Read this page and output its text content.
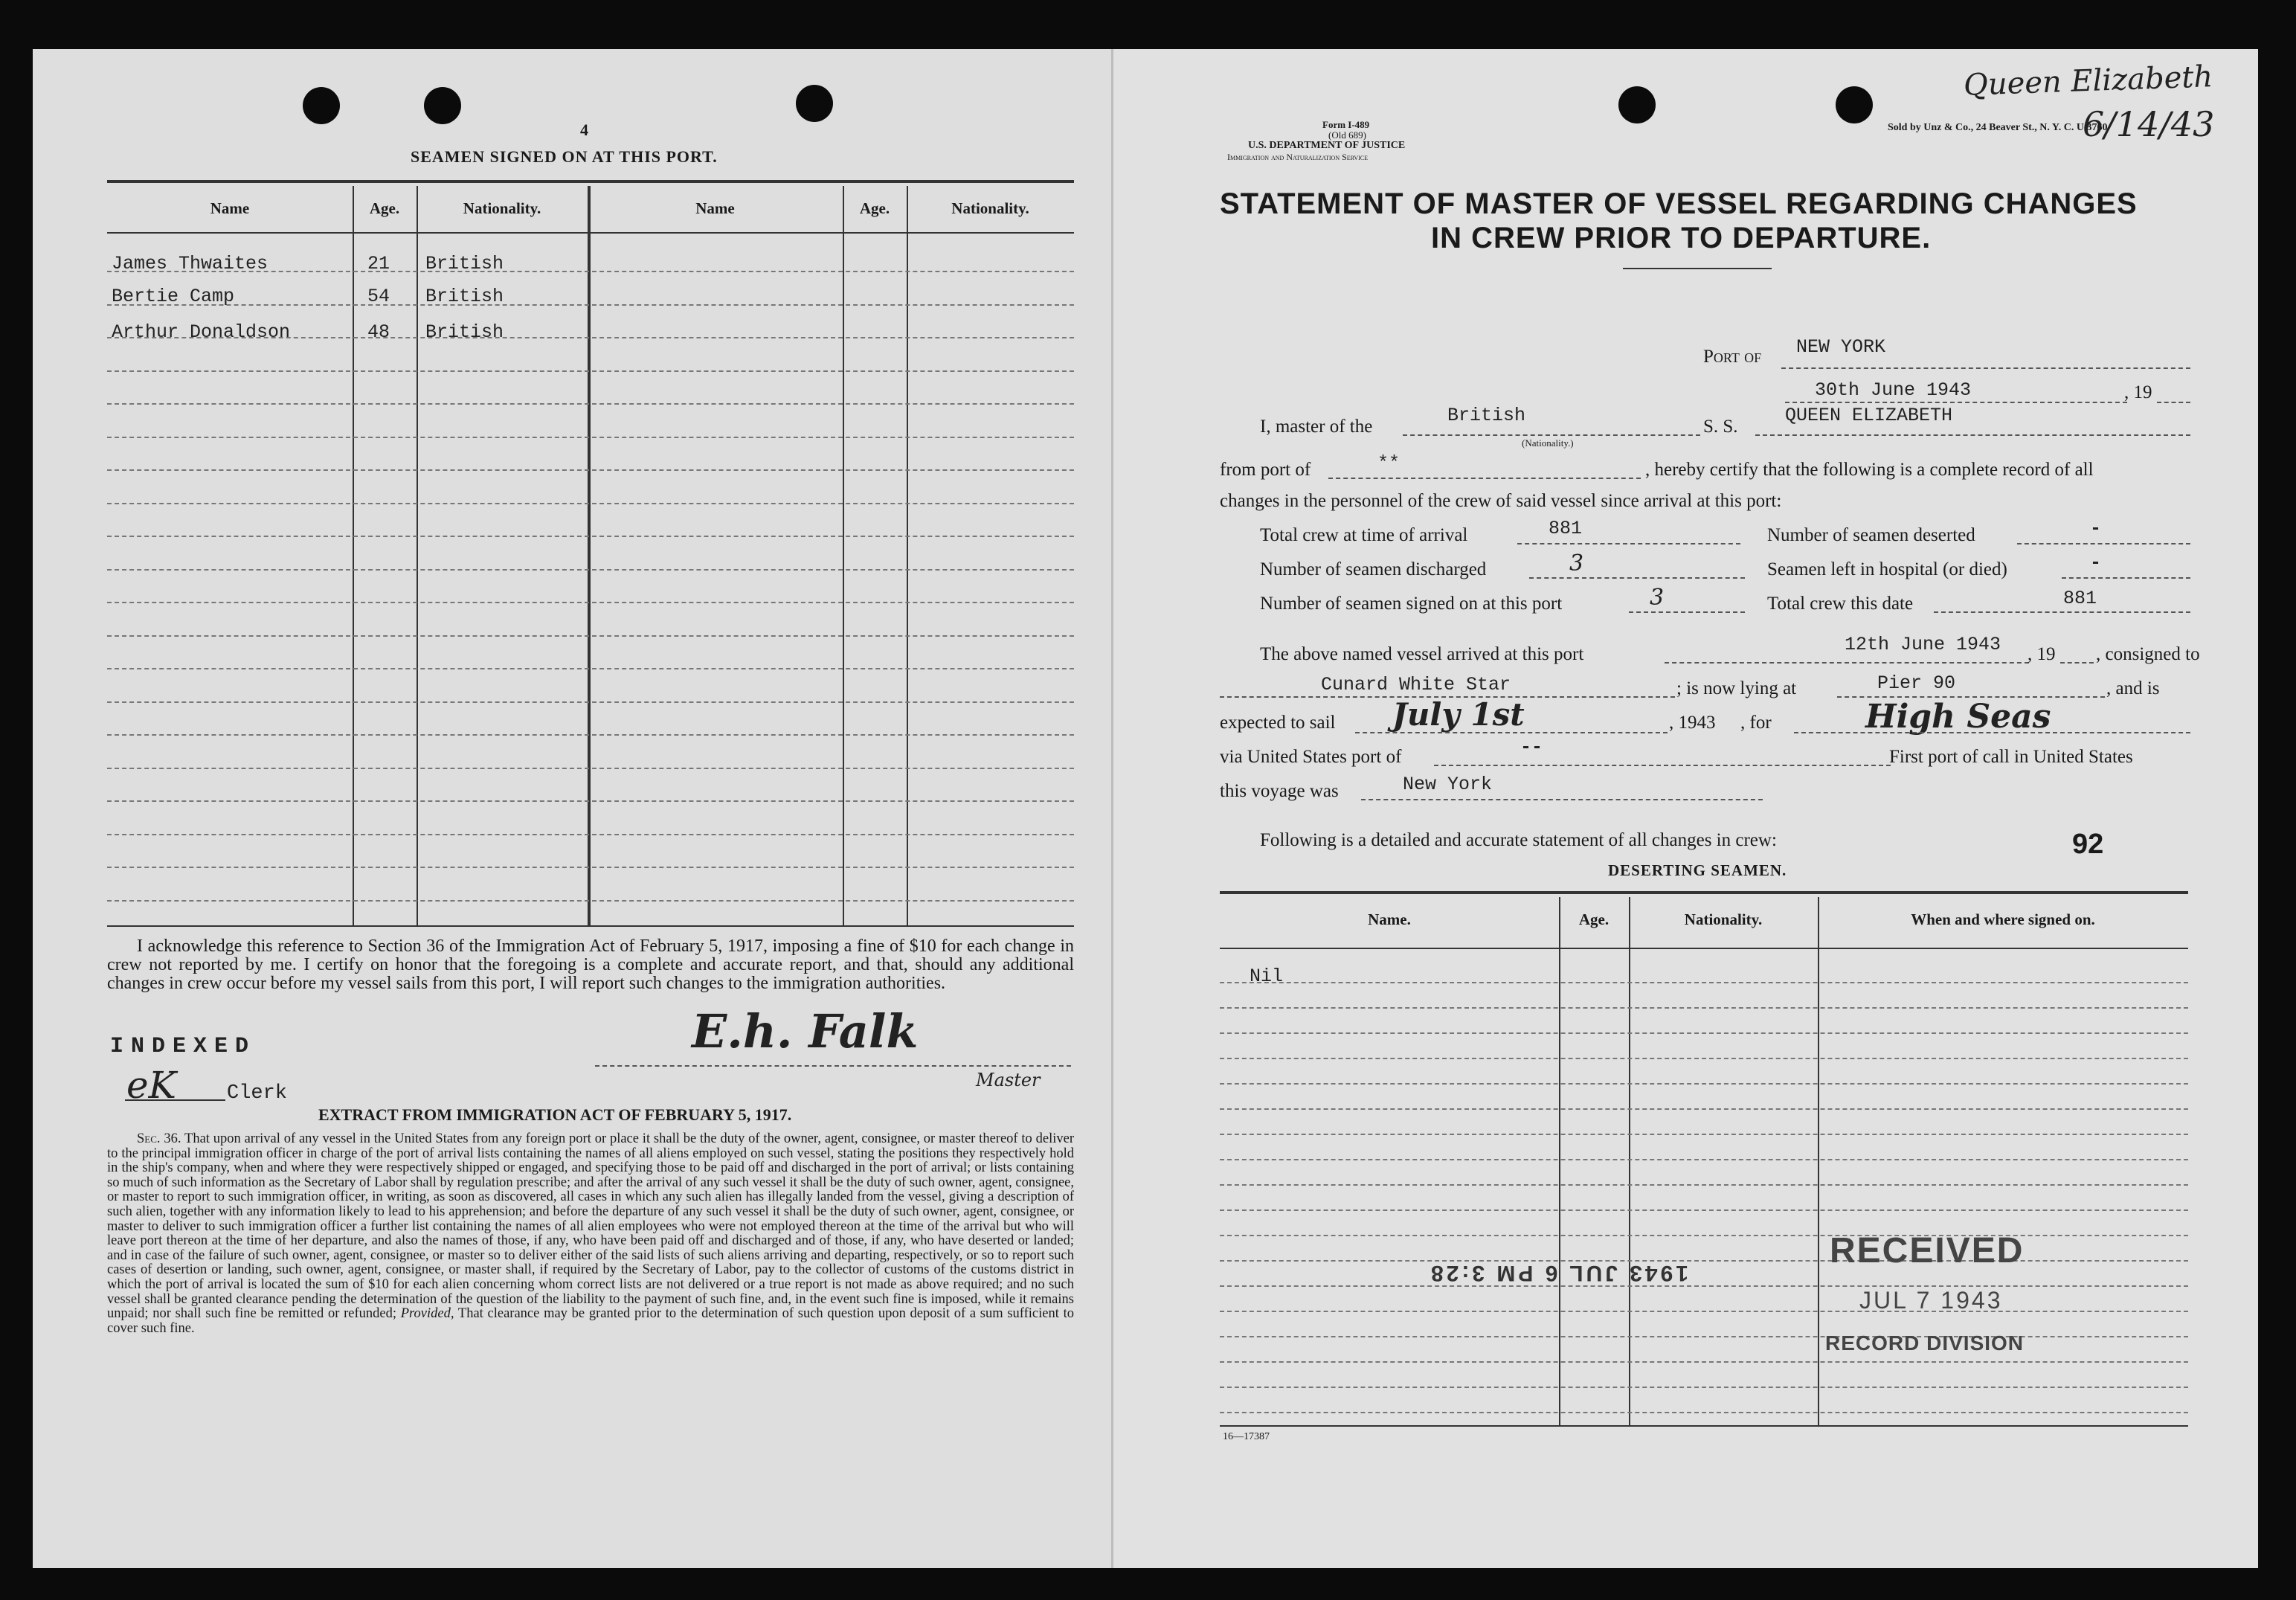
4
SEAMEN SIGNED ON AT THIS PORT.
Name	Age.	Nationality.	Name	Age.	Nationality.
James Thwaites	21 British
Bertie Camp	54 British
Arthur Donaldson	48 British
I acknowledge this reference to Section 36 of the Immigration Act of February 5, 1917, imposing a fine of $10 for each change in crew not reported by me. I certify on honor that the foregoing is a complete and accurate report, and that, should any additional changes in crew occur before my vessel sails from this port, I will report such changes to the immigration authorities.
INDEXED
eK	Clerk
E.h. Falk
Master
EXTRACT FROM IMMIGRATION ACT OF FEBRUARY 5, 1917.
Sec. 36. That upon arrival of any vessel in the United States from any foreign port or place it shall be the duty of the owner, agent, consignee, or master thereof to deliver to the principal immigration officer in charge of the port of arrival lists containing the names of all aliens employed on such vessel, stating the positions they respectively hold in the ship's company, when and where they were respectively shipped or engaged, and specifying those to be paid off and discharged in the port of arrival; or lists containing so much of such information as the Secretary of Labor shall by regulation prescribe; and after the arrival of any such vessel it shall be the duty of such owner, agent, consignee, or master to report to such immigration officer, in writing, as soon as discovered, all cases in which any such alien has illegally landed from the vessel, giving a description of such alien, together with any information likely to lead to his apprehension; and before the departure of any such vessel it shall be the duty of such owner, agent, consignee, or master to deliver to such immigration officer a further list containing the names of all alien employees who were not employed thereon at the time of the arrival but who will leave port thereon at the time of her departure, and also the names of those, if any, who have been paid off and discharged and of those, if any, who have deserted or landed; and in case of the failure of such owner, agent, consignee, or master so to deliver either of the said lists of such aliens arriving and departing, respectively, or so to report such cases of desertion or landing, such owner, agent, consignee, or master shall, if required by the Secretary of Labor, pay to the collector of customs of the customs district in which the port of arrival is located the sum of $10 for each alien concerning whom correct lists are not delivered or a true report is not made as above required; and no such vessel shall be granted clearance pending the determination of the question of the liability to the payment of such fine, and, in the event such fine is imposed, while it remains unpaid; nor shall such fine be remitted or refunded; Provided, That clearance may be granted prior to the determination of such question upon deposit of a sum sufficient to cover such fine.
Form I-489
(Old 689)
U.S. DEPARTMENT OF JUSTICE
Immigration and Naturalization Service
Sold by Unz & Co., 24 Beaver St., N. Y. C. U 3760
Queen Elizabeth
6/14/43
STATEMENT OF MASTER OF VESSEL REGARDING CHANGES
IN CREW PRIOR TO DEPARTURE.
Port of NEW YORK
30th June 1943	, 19
I, master of the
British
(Nationality.)
S. S.
QUEEN ELIZABETH
from port of	**	, hereby certify that the following is a complete record of all
changes in the personnel of the crew of said vessel since arrival at this port:
Total crew at time of arrival	881	Number of seamen deserted	-
Number of seamen discharged	3	Seamen left in hospital (or died)	-
Number of seamen signed on at this port	3	Total crew this date	881
The above named vessel arrived at this port	12th June 1943 , 19 , consigned to
Cunard White Star	; is now lying at	Pier 90	, and is
expected to sail July 1st	, 1943 , for	High Seas
via United States port of	--	First port of call in United States
this voyage was	New York
Following is a detailed and accurate statement of all changes in crew:	92
DESERTING SEAMEN.
Name.	Age.	Nationality.	When and where signed on.
Nil
1943 JUL 6 PM 3:28
RECEIVED
JUL 7 1943
RECORD DIVISION
16—17387
